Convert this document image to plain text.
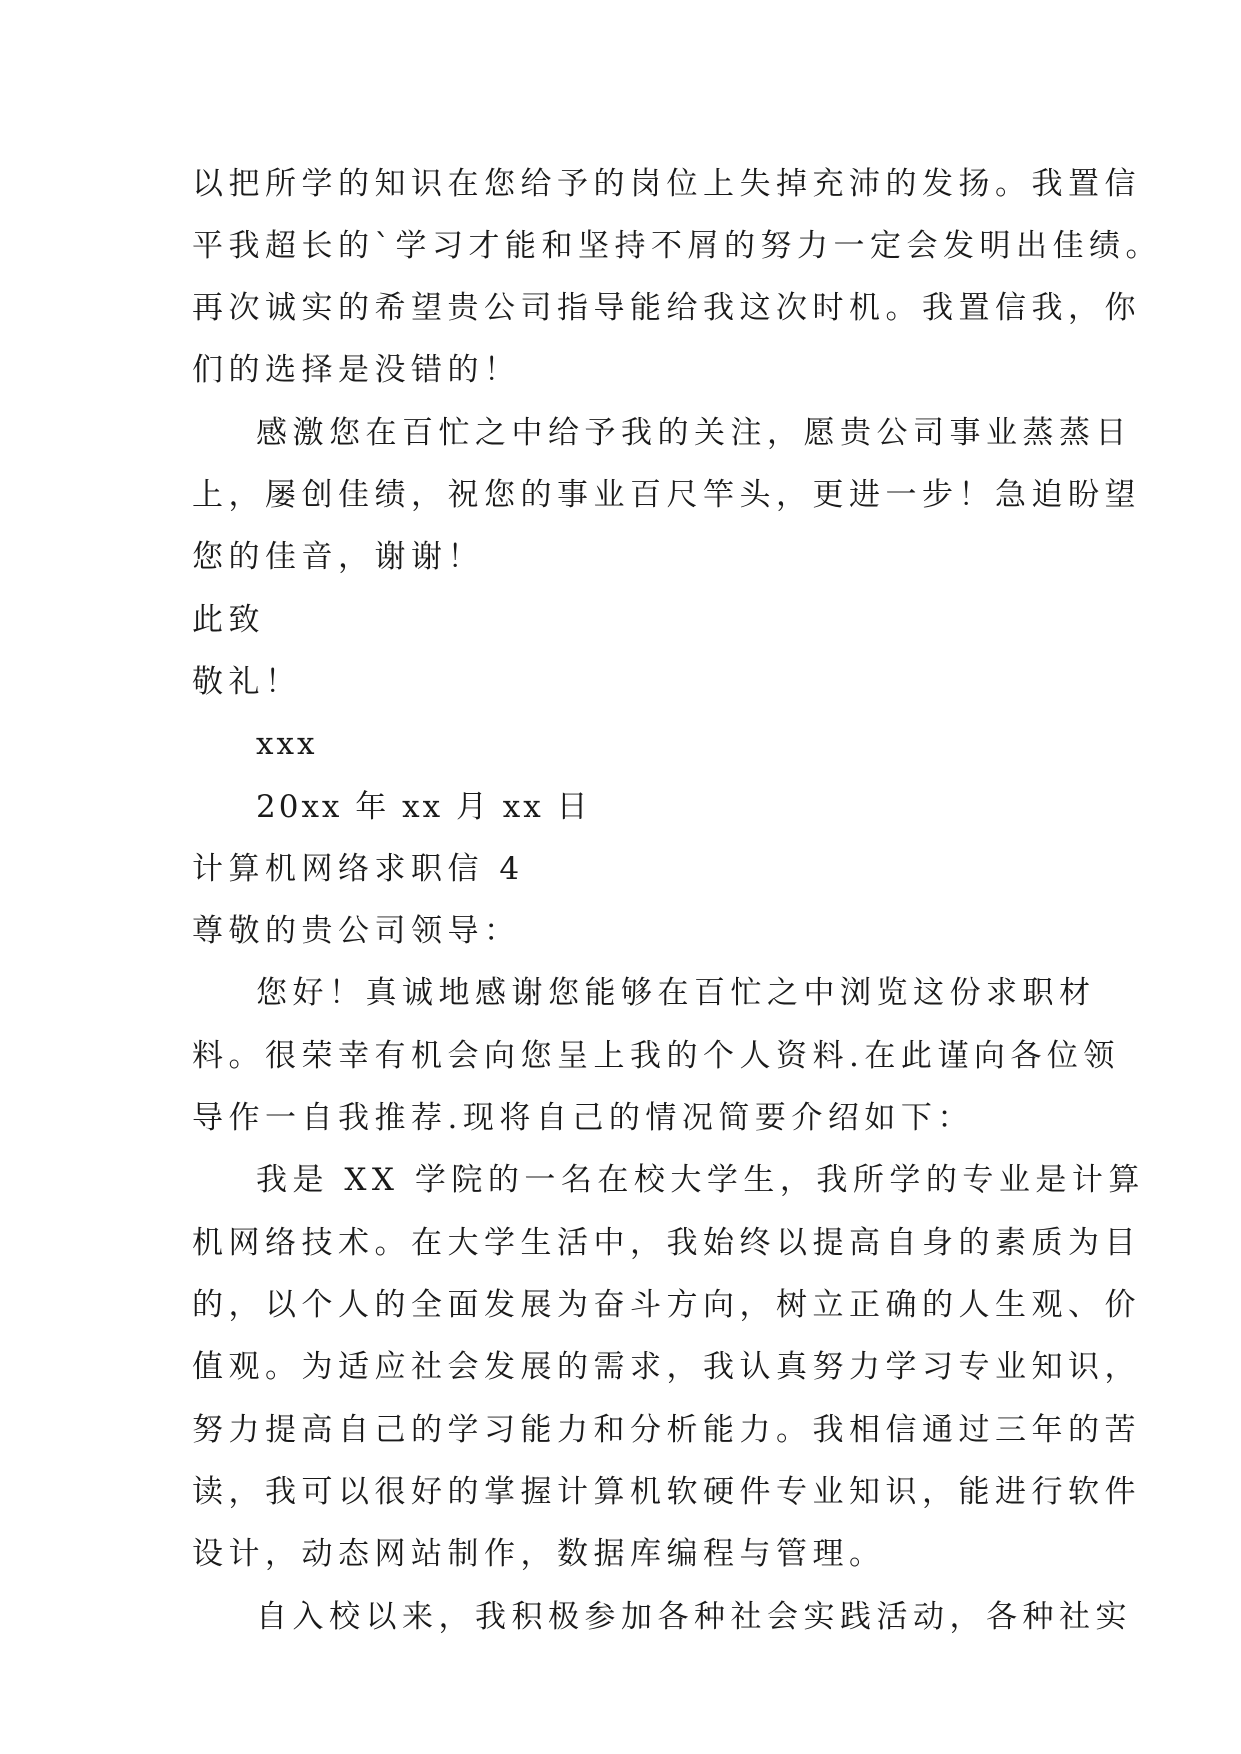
以把所学的知识在您给予的岗位上失掉充沛的发扬。我置信
平我超长的`学习才能和坚持不屑的努力一定会发明出佳绩。
再次诚实的希望贵公司指导能给我这次时机。我置信我，你
们的选择是没错的！
感激您在百忙之中给予我的关注，愿贵公司事业蒸蒸日
上，屡创佳绩，祝您的事业百尺竿头，更进一步！急迫盼望
您的佳音，谢谢！
此致
敬礼！
xxx
20xx 年 xx 月 xx 日
计算机网络求职信 4
尊敬的贵公司领导：
您好！真诚地感谢您能够在百忙之中浏览这份求职材
料。很荣幸有机会向您呈上我的个人资料.在此谨向各位领
导作一自我推荐.现将自己的情况简要介绍如下：
我是 XX 学院的一名在校大学生，我所学的专业是计算
机网络技术。在大学生活中，我始终以提高自身的素质为目
的，以个人的全面发展为奋斗方向，树立正确的人生观、价
值观。为适应社会发展的需求，我认真努力学习专业知识，
努力提高自己的学习能力和分析能力。我相信通过三年的苦
读，我可以很好的掌握计算机软硬件专业知识，能进行软件
设计，动态网站制作，数据库编程与管理。
自入校以来，我积极参加各种社会实践活动，各种社实
